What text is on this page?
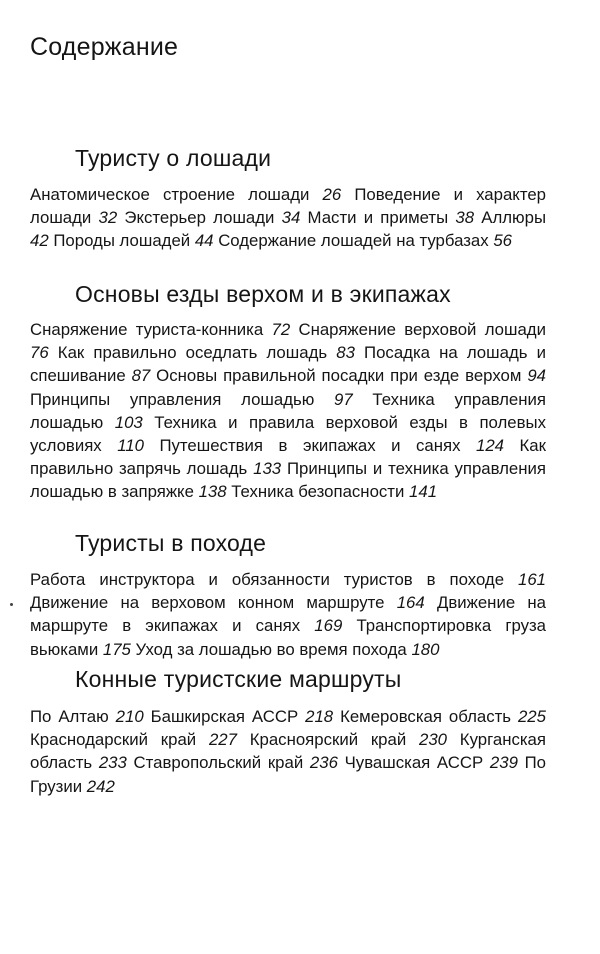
Содержание
Туристу о лошади

Анатомическое строение лошади 26 Поведение и характер лошади 32 Экстерьер лошади 34 Масти и приметы 38 Аллюры 42 Породы лошадей 44 Содержание лошадей на турбазах 56

Основы езды верхом и в экипажах

Снаряжение туриста-конника 72 Снаряжение верховой лошади 76 Как правильно оседлать лошадь 83 Посадка на лошадь и спешивание 87 Основы правильной посадки при езде верхом 94 Принципы управления лошадью 97 Техника управления лошадью 103 Техника и правила верховой езды в полевых условиях 110 Путешествия в экипажах и санях 124 Как правильно запрячь лошадь 133 Принципы и техника управления лошадью в запряжке 138 Техника безопасности 141

Туристы в походе

Работа инструктора и обязанности туристов в походе 161 Движение на верховом конном маршруте 164 Движение на маршруте в экипажах и санях 169 Транспортировка груза вьюками 175 Уход за лошадью во время похода 180

Конные туристские маршруты

По Алтаю 210 Башкирская АССР 218 Кемеровская область 225 Краснодарский край 227 Красноярский край 230 Курганская область 233 Ставропольский край 236 Чувашская АССР 239 По Грузии 242
